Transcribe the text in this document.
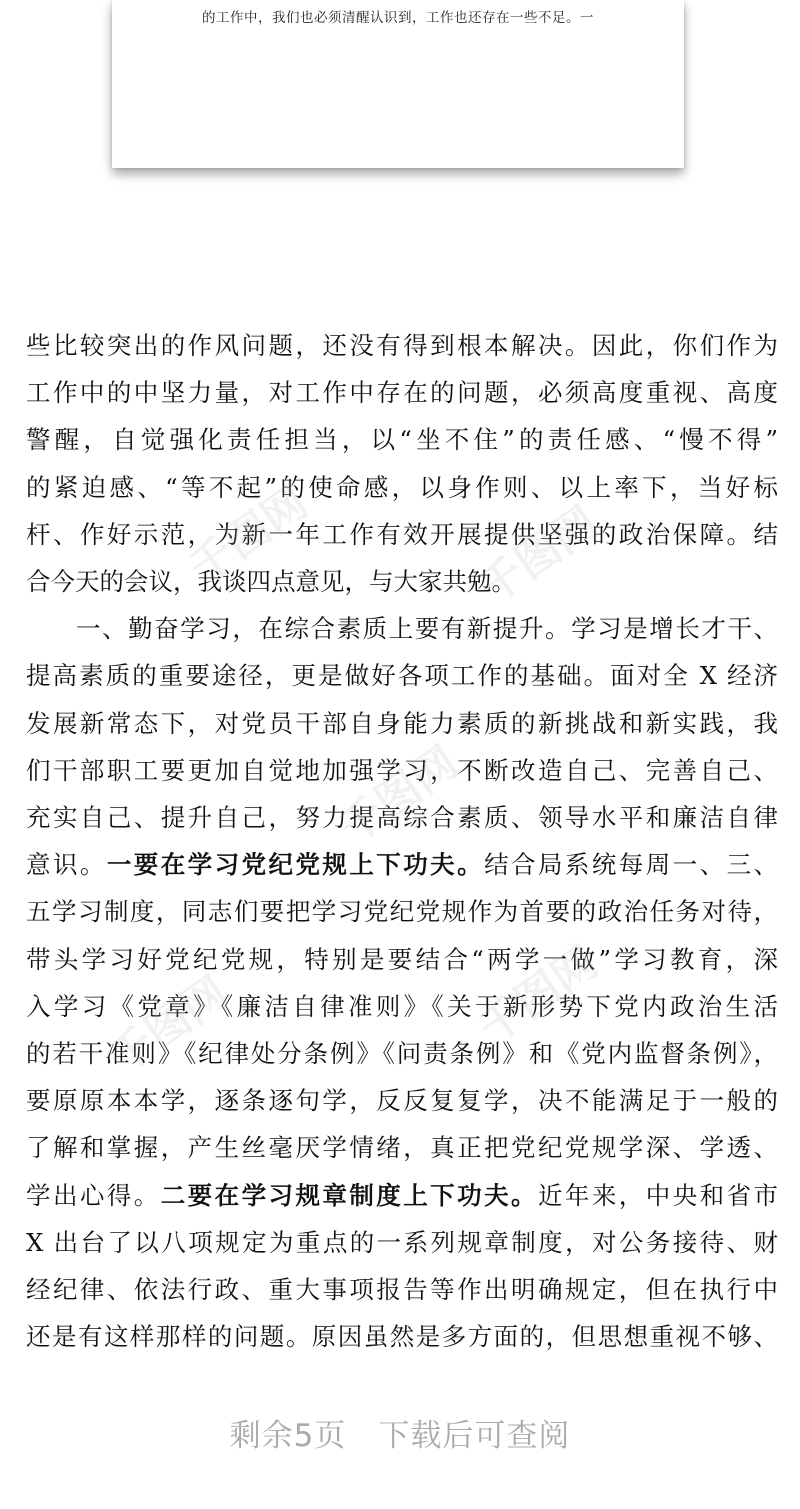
的工作中，我们也必须清醒认识到，工作也还存在一些不足。一
些比较突出的作风问题，还没有得到根本解决。因此，你们作为
工作中的中坚力量，对工作中存在的问题，必须高度重视、高度
警醒，自觉强化责任担当，以“坐不住”的责任感、“慢不得”
的紧迫感、“等不起”的使命感，以身作则、以上率下，当好标
杆、作好示范，为新一年工作有效开展提供坚强的政治保障。结
合今天的会议，我谈四点意见，与大家共勉。
一、勤奋学习，在综合素质上要有新提升。学习是增长才干、
提高素质的重要途径，更是做好各项工作的基础。面对全 X 经济
发展新常态下，对党员干部自身能力素质的新挑战和新实践，我
们干部职工要更加自觉地加强学习，不断改造自己、完善自己、
充实自己、提升自己，努力提高综合素质、领导水平和廉洁自律
意识。一要在学习党纪党规上下功夫。结合局系统每周一、三、
五学习制度，同志们要把学习党纪党规作为首要的政治任务对待，
带头学习好党纪党规，特别是要结合“两学一做”学习教育，深
入学习《党章》《廉洁自律准则》《关于新形势下党内政治生活
的若干准则》《纪律处分条例》《问责条例》和《党内监督条例》，
要原原本本学，逐条逐句学，反反复复学，决不能满足于一般的
了解和掌握，产生丝毫厌学情绪，真正把党纪党规学深、学透、
学出心得。二要在学习规章制度上下功夫。近年来，中央和省市
X 出台了以八项规定为重点的一系列规章制度，对公务接待、财
经纪律、依法行政、重大事项报告等作出明确规定，但在执行中
还是有这样那样的问题。原因虽然是多方面的，但思想重视不够、
千图网	千图网
千图网
千图网	千图网
剩余5页 下载后可查阅
